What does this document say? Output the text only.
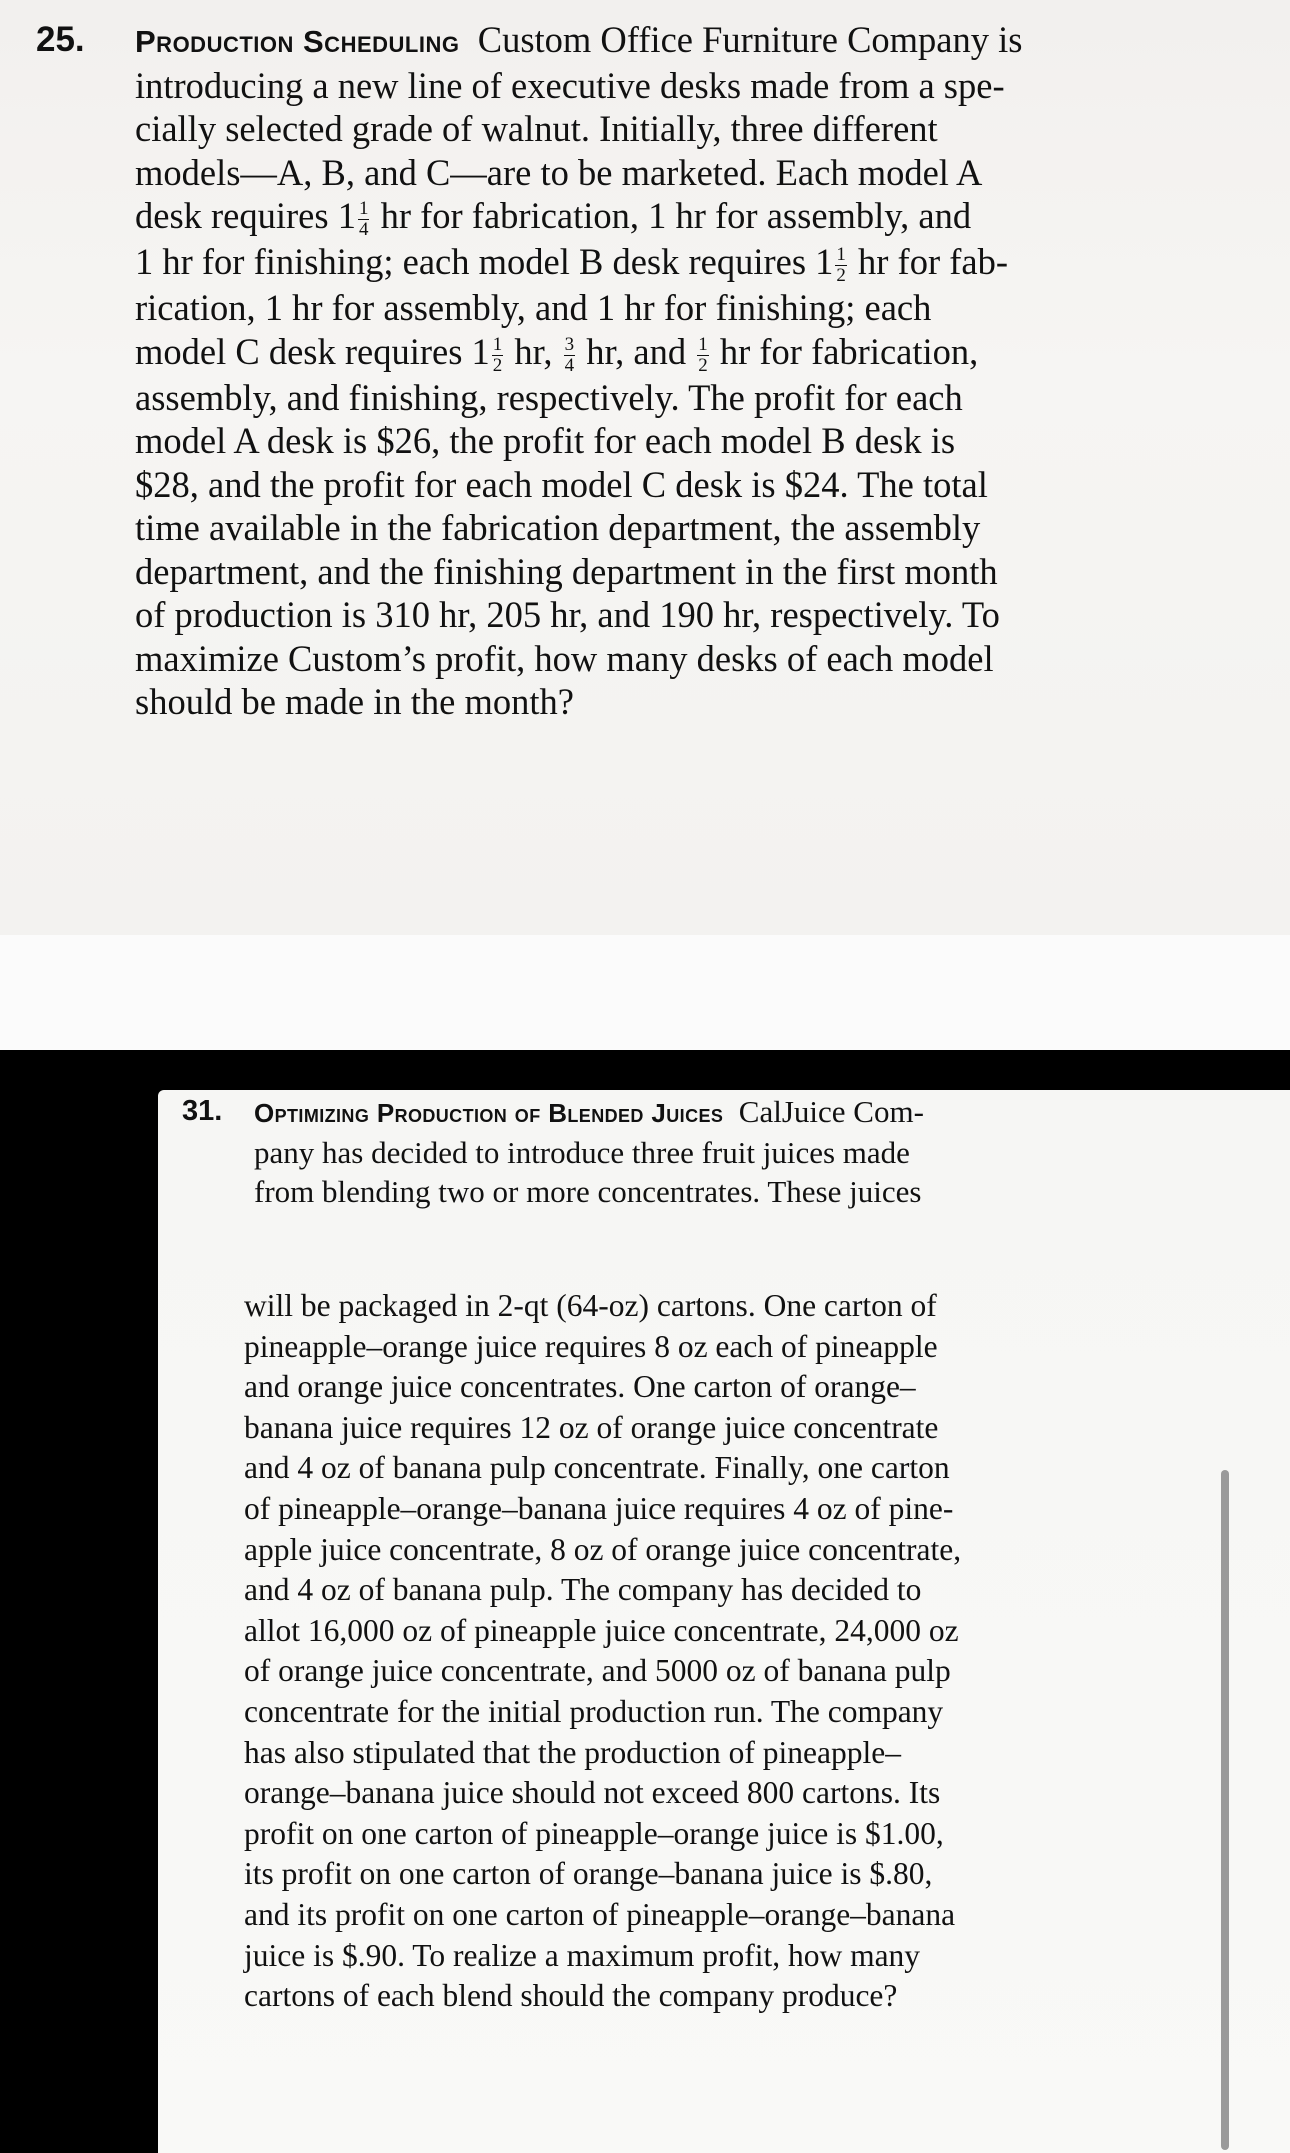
25. Production Scheduling Custom Office Furniture Company is
introducing a new line of executive desks made from a spe-
cially selected grade of walnut. Initially, three different
models—A, B, and C—are to be marketed. Each model A
desk requires $1 \frac{1}{4}$ hr for fabrication, 1 hr for assembly, and
1 hr for finishing; each model B desk requires $1 \frac{1}{2}$ hr for fab-
rication, 1 hr for assembly, and 1 hr for finishing; each
model C desk requires $1 \frac{1}{2}$ hr, $\frac{3}{4}$ hr, and $\frac{1}{2}$ hr for fabrication,
assembly, and finishing, respectively. The profit for each
model A desk is $26, the profit for each model B desk is
$28, and the profit for each model C desk is $24. The total
time available in the fabrication department, the assembly
department, and the finishing department in the first month
of production is 310 hr, 205 hr, and 190 hr, respectively. To
maximize Custom’s profit, how many desks of each model
should be made in the month?
31. Optimizing Production of Blended Juices CalJuice Com-
pany has decided to introduce three fruit juices made
from blending two or more concentrates. These juices
will be packaged in 2-qt (64-oz) cartons. One carton of
pineapple–orange juice requires 8 oz each of pineapple
and orange juice concentrates. One carton of orange–
banana juice requires 12 oz of orange juice concentrate
and 4 oz of banana pulp concentrate. Finally, one carton
of pineapple–orange–banana juice requires 4 oz of pine-
apple juice concentrate, 8 oz of orange juice concentrate,
and 4 oz of banana pulp. The company has decided to
allot 16,000 oz of pineapple juice concentrate, 24,000 oz
of orange juice concentrate, and 5000 oz of banana pulp
concentrate for the initial production run. The company
has also stipulated that the production of pineapple–
orange–banana juice should not exceed 800 cartons. Its
profit on one carton of pineapple–orange juice is $1.00,
its profit on one carton of orange–banana juice is $.80,
and its profit on one carton of pineapple–orange–banana
juice is $.90. To realize a maximum profit, how many
cartons of each blend should the company produce?
